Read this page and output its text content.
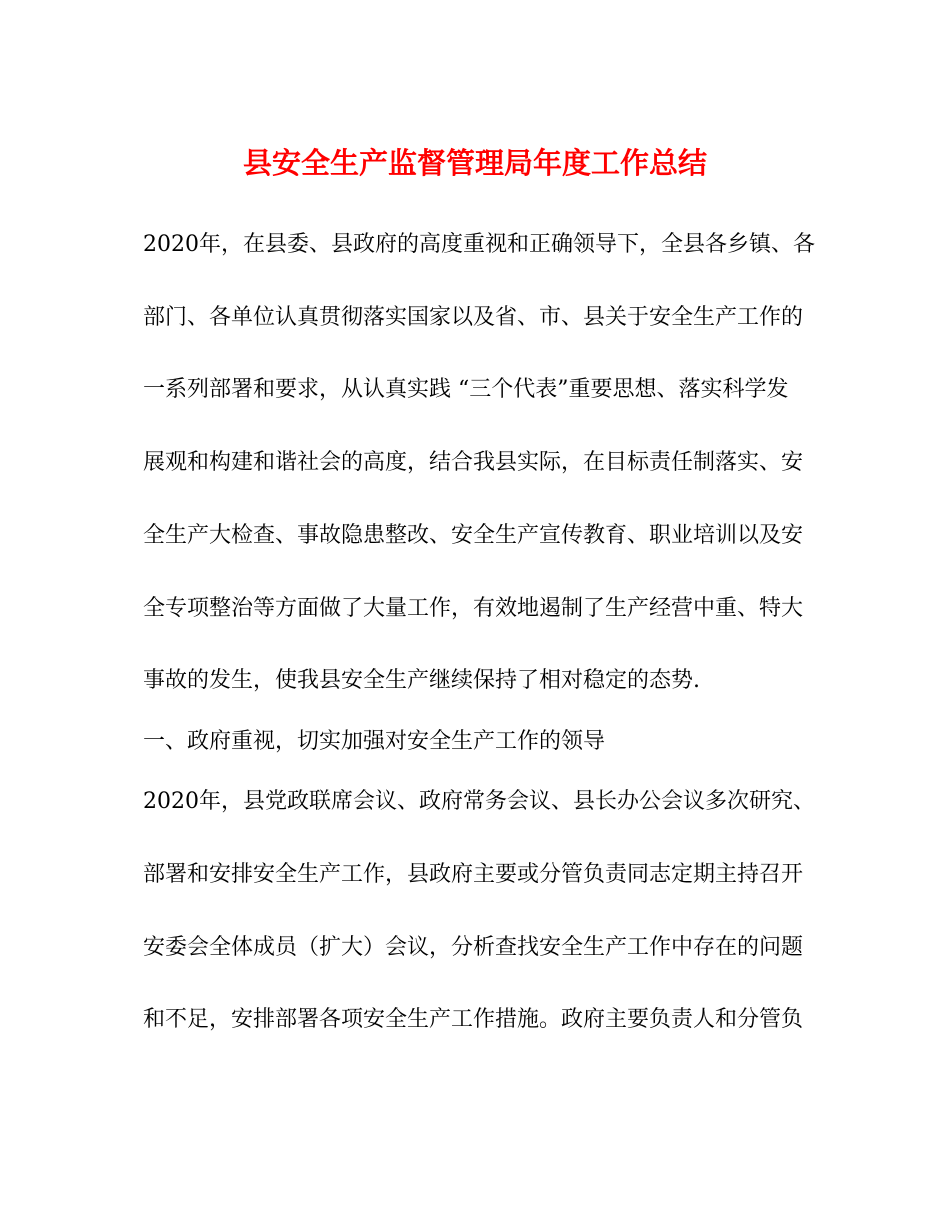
县安全生产监督管理局年度工作总结
2020年，在县委、县政府的高度重视和正确领导下，全县各乡镇、各
部门、各单位认真贯彻落实国家以及省、市、县关于安全生产工作的
一系列部署和要求，从认真实践 “三个代表”重要思想、落实科学发
展观和构建和谐社会的高度，结合我县实际，在目标责任制落实、安
全生产大检查、事故隐患整改、安全生产宣传教育、职业培训以及安
全专项整治等方面做了大量工作，有效地遏制了生产经营中重、特大
事故的发生，使我县安全生产继续保持了相对稳定的态势.
一、政府重视，切实加强对安全生产工作的领导
2020年，县党政联席会议、政府常务会议、县长办公会议多次研究、
部署和安排安全生产工作，县政府主要或分管负责同志定期主持召开
安委会全体成员（扩大）会议，分析查找安全生产工作中存在的问题
和不足，安排部署各项安全生产工作措施。政府主要负责人和分管负
